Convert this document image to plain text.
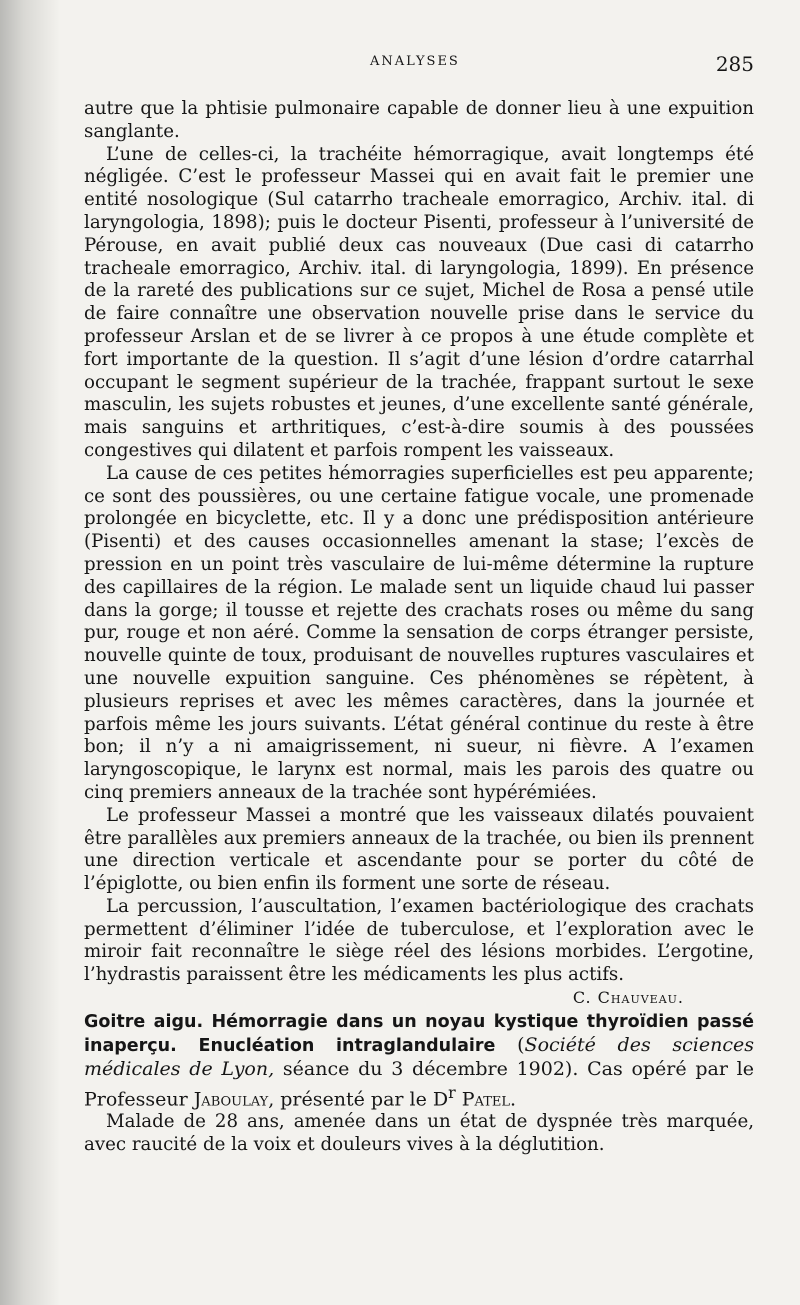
ANALYSES	285

autre que la phtisie pulmonaire capable de donner lieu à une expuition sanglante.

L’une de celles-ci, la trachéite hémorragique, avait longtemps été négligée. C’est le professeur Massei qui en avait fait le premier une entité nosologique (Sul catarrho tracheale emorragico, Archiv. ital. di laryngologia, 1898); puis le docteur Pisenti, professeur à l’université de Pérouse, en avait publié deux cas nouveaux (Due casi di catarrho tracheale emorragico, Archiv. ital. di laryngologia, 1899). En présence de la rareté des publications sur ce sujet, Michel de Rosa a pensé utile de faire connaître une observation nouvelle prise dans le service du professeur Arslan et de se livrer à ce propos à une étude complète et fort importante de la question. Il s’agit d’une lésion d’ordre catarrhal occupant le segment supérieur de la trachée, frappant surtout le sexe masculin, les sujets robustes et jeunes, d’une excellente santé générale, mais sanguins et arthritiques, c’est-à-dire soumis à des poussées congestives qui dilatent et parfois rompent les vaisseaux.

La cause de ces petites hémorragies superficielles est peu apparente; ce sont des poussières, ou une certaine fatigue vocale, une promenade prolongée en bicyclette, etc. Il y a donc une prédisposition antérieure (Pisenti) et des causes occasionnelles amenant la stase; l’excès de pression en un point très vasculaire de lui-même détermine la rupture des capillaires de la région. Le malade sent un liquide chaud lui passer dans la gorge; il tousse et rejette des crachats roses ou même du sang pur, rouge et non aéré. Comme la sensation de corps étranger persiste, nouvelle quinte de toux, produisant de nouvelles ruptures vasculaires et une nouvelle expuition sanguine. Ces phénomènes se répètent, à plusieurs reprises et avec les mêmes caractères, dans la journée et parfois même les jours suivants. L’état général continue du reste à être bon; il n’y a ni amaigrissement, ni sueur, ni fièvre. A l’examen laryngoscopique, le larynx est normal, mais les parois des quatre ou cinq premiers anneaux de la trachée sont hypérémiées.

Le professeur Massei a montré que les vaisseaux dilatés pouvaient être parallèles aux premiers anneaux de la trachée, ou bien ils prennent une direction verticale et ascendante pour se porter du côté de l’épiglotte, ou bien enfin ils forment une sorte de réseau.

La percussion, l’auscultation, l’examen bactériologique des crachats permettent d’éliminer l’idée de tuberculose, et l’exploration avec le miroir fait reconnaître le siège réel des lésions morbides. L’ergotine, l’hydrastis paraissent être les médicaments les plus actifs.

C. Chauveau.

Goitre aigu. Hémorragie dans un noyau kystique thyroïdien passé inaperçu. Enucléation intraglandulaire (Société des sciences médicales de Lyon, séance du 3 décembre 1902). Cas opéré par le Professeur Jaboulay, présenté par le $D^r$ Patel.

Malade de 28 ans, amenée dans un état de dyspnée très marquée, avec raucité de la voix et douleurs vives à la déglutition.
